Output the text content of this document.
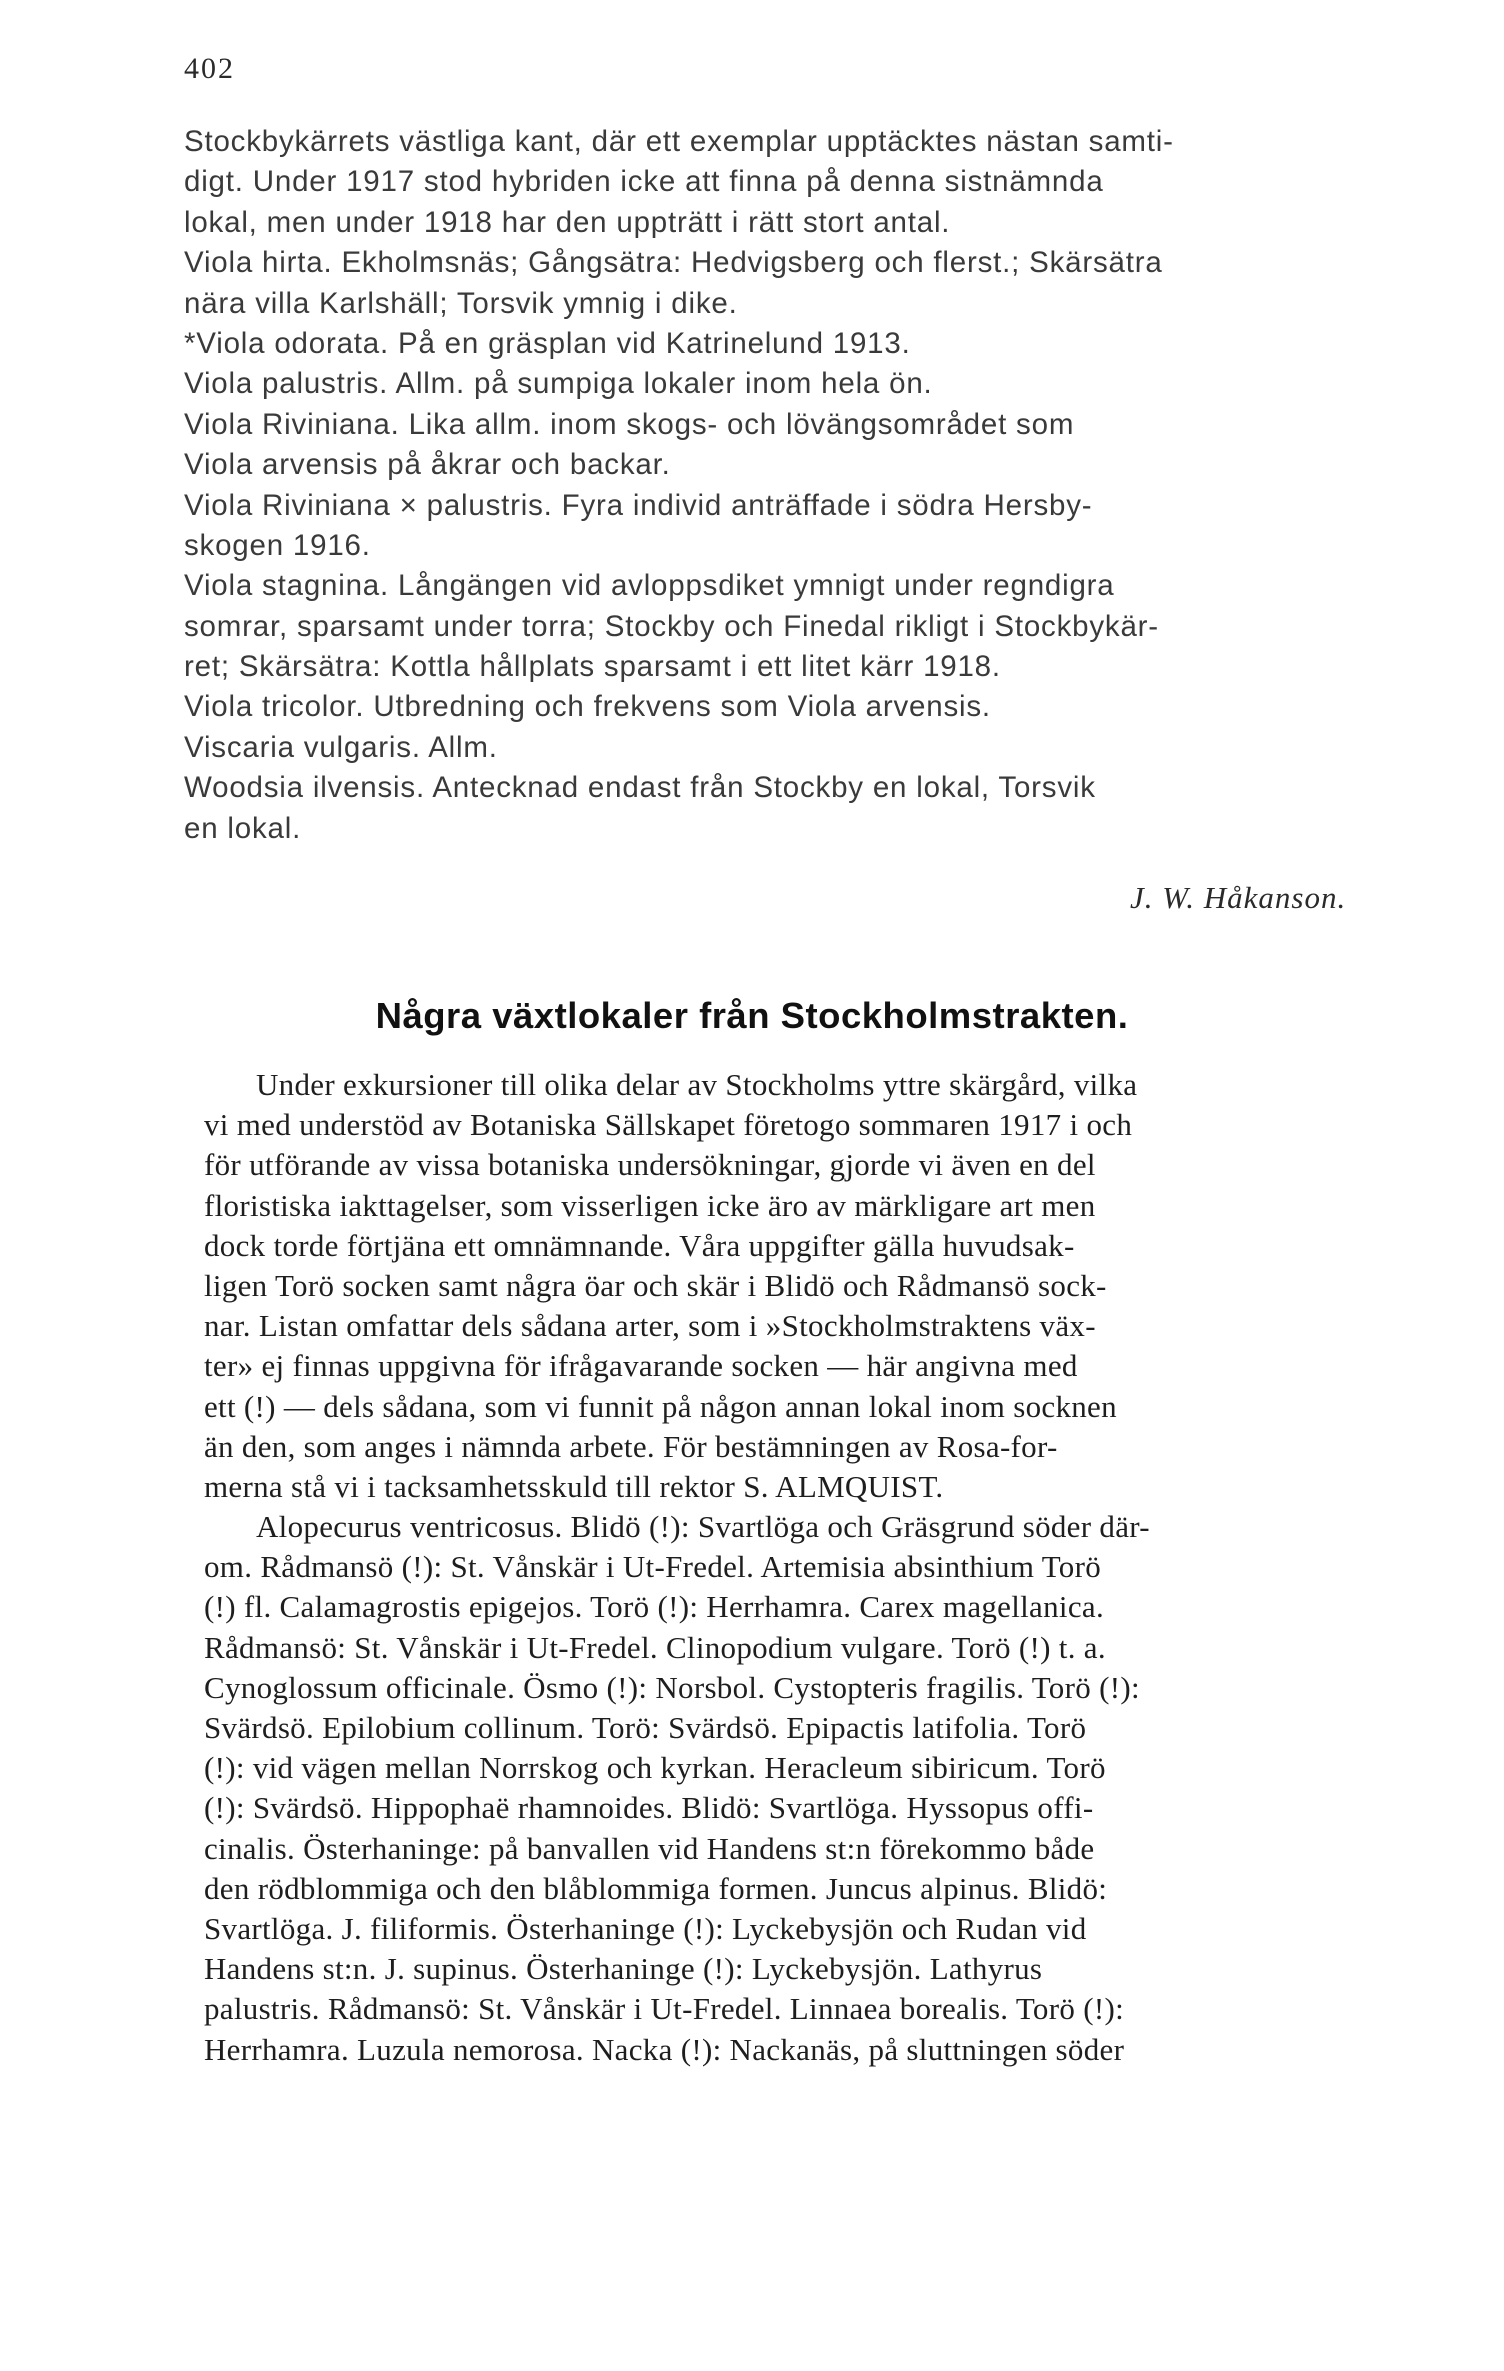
402

Stockbykärrets västliga kant, där ett exemplar upptäcktes nästan samti-

digt. Under 1917 stod hybriden icke att finna på denna sistnämnda

lokal, men under 1918 har den uppträtt i rätt stort antal.

Viola hirta. Ekholmsnäs; Gångsätra: Hedvigsberg och flerst.; Skärsätra

nära villa Karlshäll; Torsvik ymnig i dike.

*Viola odorata. På en gräsplan vid Katrinelund 1913.

Viola palustris. Allm. på sumpiga lokaler inom hela ön.

Viola Riviniana. Lika allm. inom skogs- och lövängsområdet som

Viola arvensis på åkrar och backar.

Viola Riviniana × palustris. Fyra individ anträffade i södra Hersby-

skogen 1916.

Viola stagnina. Långängen vid avloppsdiket ymnigt under regndigra

somrar, sparsamt under torra; Stockby och Finedal rikligt i Stockbykär-

ret; Skärsätra: Kottla hållplats sparsamt i ett litet kärr 1918.

Viola tricolor. Utbredning och frekvens som Viola arvensis.

Viscaria vulgaris. Allm.

Woodsia ilvensis. Antecknad endast från Stockby en lokal, Torsvik

en lokal.

J. W. Håkanson.
Några växtlokaler från Stockholmstrakten.

Under exkursioner till olika delar av Stockholms yttre skärgård, vilka

vi med understöd av Botaniska Sällskapet företogo sommaren 1917 i och

för utförande av vissa botaniska undersökningar, gjorde vi även en del

floristiska iakttagelser, som visserligen icke äro av märkligare art men

dock torde förtjäna ett omnämnande. Våra uppgifter gälla huvudsak-

ligen Torö socken samt några öar och skär i Blidö och Rådmansö sock-

nar. Listan omfattar dels sådana arter, som i »Stockholmstraktens väx-

ter» ej finnas uppgivna för ifrågavarande socken — här angivna med

ett (!) — dels sådana, som vi funnit på någon annan lokal inom socknen

än den, som anges i nämnda arbete. För bestämningen av Rosa-for-

merna stå vi i tacksamhetsskuld till rektor S. ALMQUIST.

Alopecurus ventricosus. Blidö (!): Svartlöga och Gräsgrund söder där-

om. Rådmansö (!): St. Vånskär i Ut-Fredel. Artemisia absinthium Torö

(!) fl. Calamagrostis epigejos. Torö (!): Herrhamra. Carex magellanica.

Rådmansö: St. Vånskär i Ut-Fredel. Clinopodium vulgare. Torö (!) t. a.

Cynoglossum officinale. Ösmo (!): Norsbol. Cystopteris fragilis. Torö (!):

Svärdsö. Epilobium collinum. Torö: Svärdsö. Epipactis latifolia. Torö

(!): vid vägen mellan Norrskog och kyrkan. Heracleum sibiricum. Torö

(!): Svärdsö. Hippophaë rhamnoides. Blidö: Svartlöga. Hyssopus offi-

cinalis. Österhaninge: på banvallen vid Handens st:n förekommo både

den rödblommiga och den blåblommiga formen. Juncus alpinus. Blidö:

Svartlöga. J. filiformis. Österhaninge (!): Lyckebysjön och Rudan vid

Handens st:n. J. supinus. Österhaninge (!): Lyckebysjön. Lathyrus

palustris. Rådmansö: St. Vånskär i Ut-Fredel. Linnaea borealis. Torö (!):

Herrhamra. Luzula nemorosa. Nacka (!): Nackanäs, på sluttningen söder
